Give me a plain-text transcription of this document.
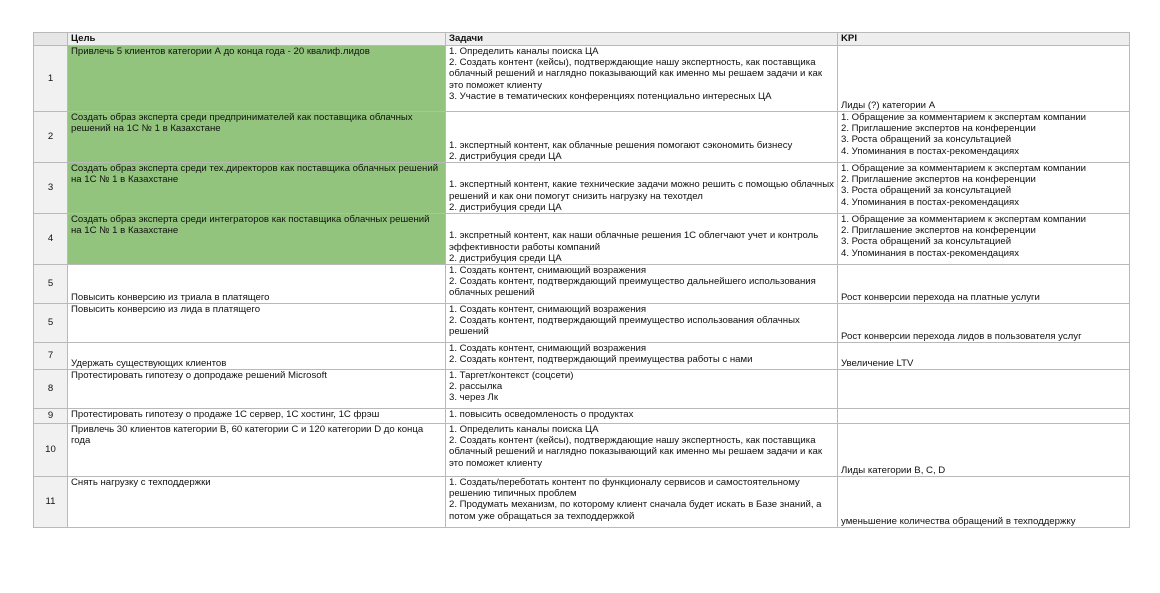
	Цель	Задачи	KPI
1	Привлечь 5 клиентов категории А до конца года - 20 квалиф.лидов	1. Определить каналы поиска ЦА
2. Создать контент (кейсы), подтверждающие нашу экспертность, как поставщика облачный решений и наглядно показывающий как именно мы решаем задачи и как это поможет клиенту
3. Участие в тематических конференциях потенциально интересных ЦА	Лиды (?) категории А
2	Создать образ эксперта среди предпринимателей как поставщика облачных решений на 1С № 1 в Казахстане	1. экспертный контент, как облачные решения помогают сэкономить бизнесу
2. дистрибуция среди ЦА	1. Обращение за комментарием к экспертам компании
2. Приглашение экспертов на конференции
3. Роста обращений за консультацией
4. Упоминания в постах-рекомендациях
3	Создать образ эксперта среди тех.директоров как поставщика облачных решений на 1С № 1 в Казахстане	1. экспертный контент, какие технические задачи можно решить с помощью облачных решений и как они помогут снизить нагрузку на техотдел
2. дистрибуция среди ЦА	1. Обращение за комментарием к экспертам компании
2. Приглашение экспертов на конференции
3. Роста обращений за консультацией
4. Упоминания в постах-рекомендациях
4	Создать образ эксперта среди интеграторов как поставщика облачных решений на 1С № 1 в Казахстане	1. экспретный контент, как наши облачные решения 1С облегчают учет и контроль эффективности работы компаний
2. дистрибуция среди ЦА	1. Обращение за комментарием к экспертам компании
2. Приглашение экспертов на конференции
3. Роста обращений за консультацией
4. Упоминания в постах-рекомендациях
5	Повысить конверсию из триала в платящего	1. Создать контент, снимающий возражения
2. Создать контент, подтверждающий преимущество дальнейшего использования облачных решений	Рост конверсии перехода на платные услуги
5	Повысить конверсию из лида в платящего	1. Создать контент, снимающий возражения
2. Создать контент, подтверждающий преимущество использования облачных решений	Рост конверсии перехода лидов в пользователя услуг
7	Удержать существующих клиентов	1. Создать контент, снимающий возражения
2. Создать контент, подтверждающий преимущества работы с нами	Увеличение LTV
8	Протестировать гипотезу о допродаже решений Microsoft	1. Таргет/контекст (соцсети)
2. рассылка
3. через Лк	
9	Протестировать гипотезу о продаже 1С сервер, 1С хостинг, 1С фрэш	1. повысить осведомленость о продуктах	
10	Привлечь 30 клиентов категории B, 60 категории С и 120 категории D до конца года	1. Определить каналы поиска ЦА
2. Создать контент (кейсы), подтверждающие нашу экспертность, как поставщика облачный решений и наглядно показывающий как именно мы решаем задачи и как это поможет клиенту	Лиды категории B, C, D
11	Снять нагрузку с техподдержки	1. Создать/переботать контент по функционалу сервисов и самостоятельному решению типичных проблем
2. Продумать механизм, по которому клиент сначала будет искать в Базе знаний, а потом уже обращаться за техподдержкой	уменьшение количества обращений в техподдержку
